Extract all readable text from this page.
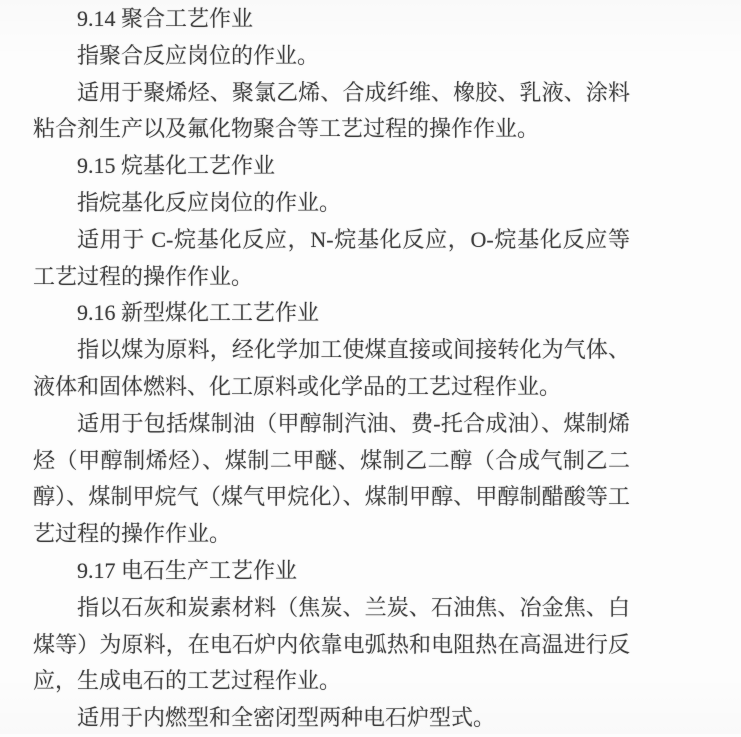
9.14 聚合工艺作业

指聚合反应岗位的作业。

适用于聚烯烃、聚氯乙烯、合成纤维、橡胶、乳液、涂料粘合剂生产以及氟化物聚合等工艺过程的操作作业。

9.15 烷基化工艺作业

指烷基化反应岗位的作业。

适用于 C-烷基化反应，N-烷基化反应，O-烷基化反应等工艺过程的操作作业。

9.16 新型煤化工工艺作业

指以煤为原料，经化学加工使煤直接或间接转化为气体、液体和固体燃料、化工原料或化学品的工艺过程作业。

适用于包括煤制油（甲醇制汽油、费-托合成油）、煤制烯烃（甲醇制烯烃）、煤制二甲醚、煤制乙二醇（合成气制乙二醇）、煤制甲烷气（煤气甲烷化）、煤制甲醇、甲醇制醋酸等工艺过程的操作作业。

9.17 电石生产工艺作业

指以石灰和炭素材料（焦炭、兰炭、石油焦、冶金焦、白煤等）为原料，在电石炉内依靠电弧热和电阻热在高温进行反应，生成电石的工艺过程作业。

适用于内燃型和全密闭型两种电石炉型式。
